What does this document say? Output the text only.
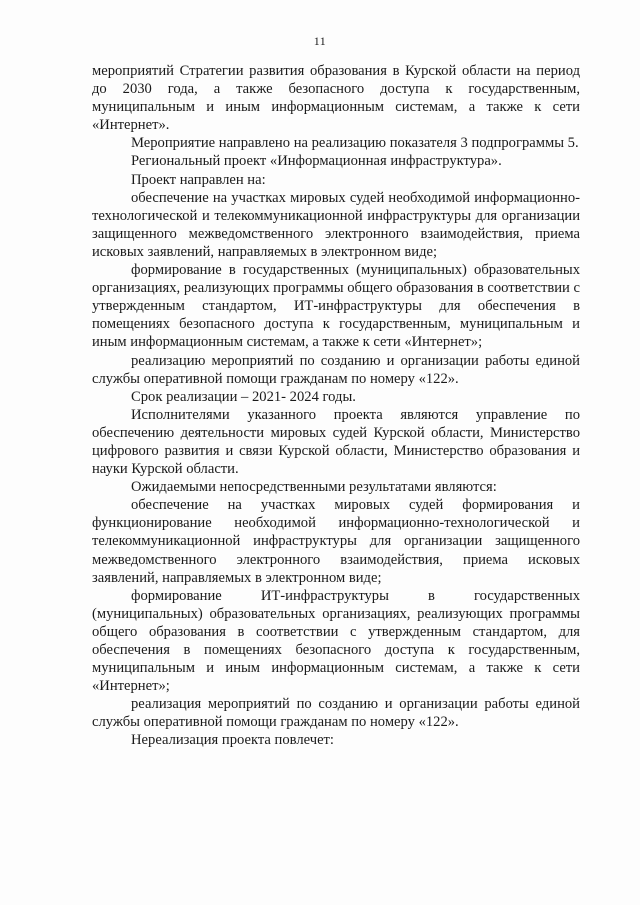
11

мероприятий Стратегии развития образования в Курской области на период до 2030 года, а также безопасного доступа к государственным, муниципальным и иным информационным системам, а также к сети «Интернет».

Мероприятие направлено на реализацию показателя 3 подпрограммы 5.

Региональный проект «Информационная инфраструктура».

Проект направлен на:

обеспечение на участках мировых судей необходимой информационно-технологической и телекоммуникационной инфраструктуры для организации защищенного межведомственного электронного взаимодействия, приема исковых заявлений, направляемых в электронном виде;

формирование в государственных (муниципальных) образовательных организациях, реализующих программы общего образования в соответствии с утвержденным стандартом, ИТ-инфраструктуры для обеспечения в помещениях безопасного доступа к государственным, муниципальным и иным информационным системам, а также к сети «Интернет»;

реализацию мероприятий по созданию и организации работы единой службы оперативной помощи гражданам по номеру «122».

Срок реализации – 2021- 2024 годы.

Исполнителями указанного проекта являются управление по обеспечению деятельности мировых судей Курской области, Министерство цифрового развития и связи Курской области, Министерство образования и науки Курской области.

Ожидаемыми непосредственными результатами являются:

обеспечение на участках мировых судей формирования и функционирование необходимой информационно-технологической и телекоммуникационной инфраструктуры для организации защищенного межведомственного электронного взаимодействия, приема исковых заявлений, направляемых в электронном виде;

формирование ИТ-инфраструктуры в государственных (муниципальных) образовательных организациях, реализующих программы общего образования в соответствии с утвержденным стандартом, для обеспечения в помещениях безопасного доступа к государственным, муниципальным и иным информационным системам, а также к сети «Интернет»;

реализация мероприятий по созданию и организации работы единой службы оперативной помощи гражданам по номеру «122».

Нереализация проекта повлечет:
